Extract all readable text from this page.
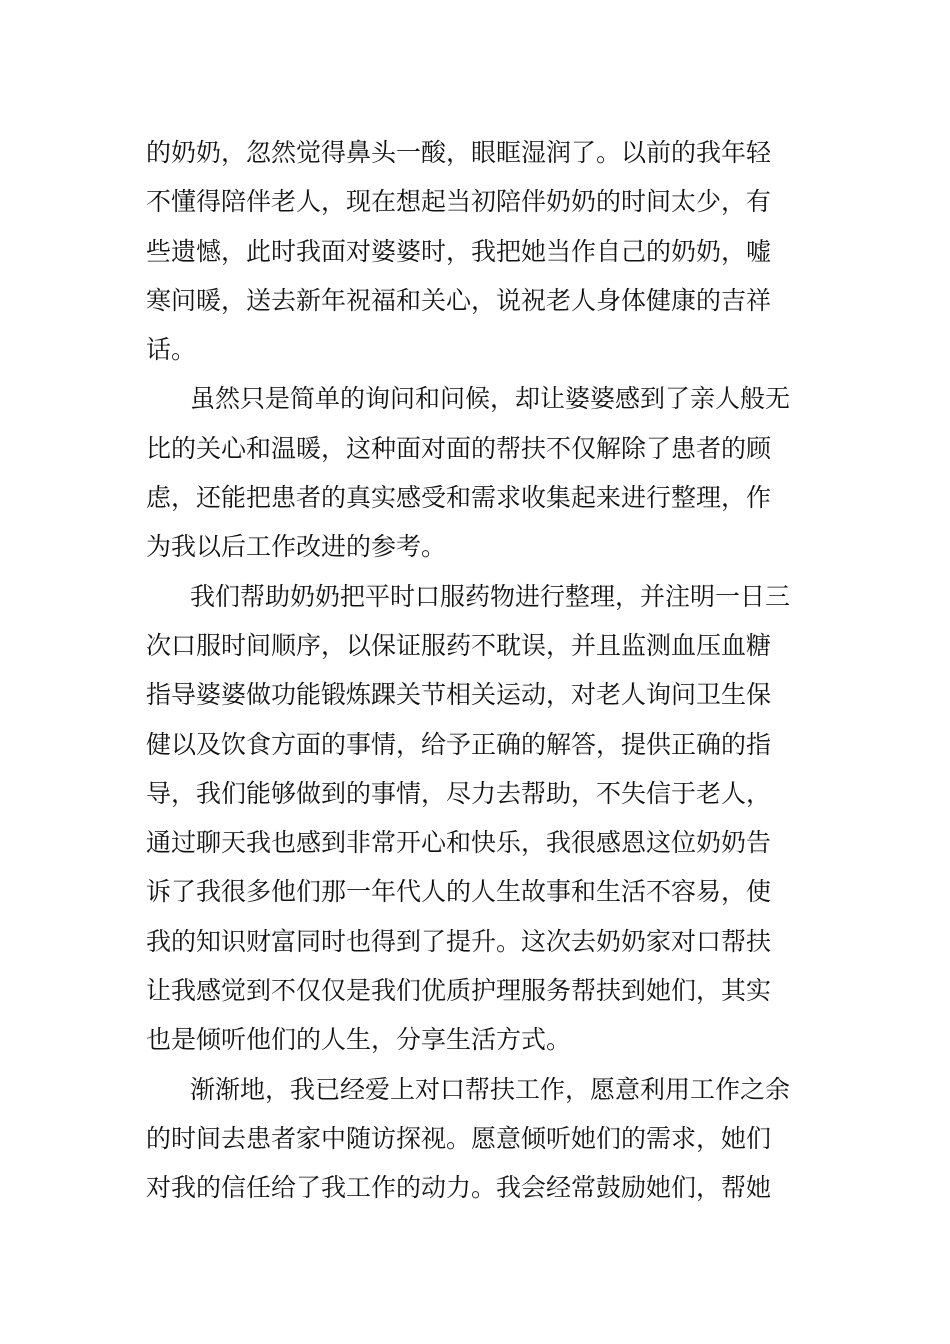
的奶奶，忽然觉得鼻头一酸，眼眶湿润了。以前的我年轻
不懂得陪伴老人，现在想起当初陪伴奶奶的时间太少，有
些遗憾，此时我面对婆婆时，我把她当作自己的奶奶，嘘
寒问暖，送去新年祝福和关心，说祝老人身体健康的吉祥
话。
虽然只是简单的询问和问候，却让婆婆感到了亲人般无
比的关心和温暖，这种面对面的帮扶不仅解除了患者的顾
虑，还能把患者的真实感受和需求收集起来进行整理，作
为我以后工作改进的参考。
我们帮助奶奶把平时口服药物进行整理，并注明一日三
次口服时间顺序，以保证服药不耽误，并且监测血压血糖
指导婆婆做功能锻炼踝关节相关运动，对老人询问卫生保
健以及饮食方面的事情，给予正确的解答，提供正确的指
导，我们能够做到的事情，尽力去帮助，不失信于老人，
通过聊天我也感到非常开心和快乐，我很感恩这位奶奶告
诉了我很多他们那一年代人的人生故事和生活不容易，使
我的知识财富同时也得到了提升。这次去奶奶家对口帮扶
让我感觉到不仅仅是我们优质护理服务帮扶到她们，其实
也是倾听他们的人生，分享生活方式。
渐渐地，我已经爱上对口帮扶工作，愿意利用工作之余
的时间去患者家中随访探视。愿意倾听她们的需求，她们
对我的信任给了我工作的动力。我会经常鼓励她们，帮她
